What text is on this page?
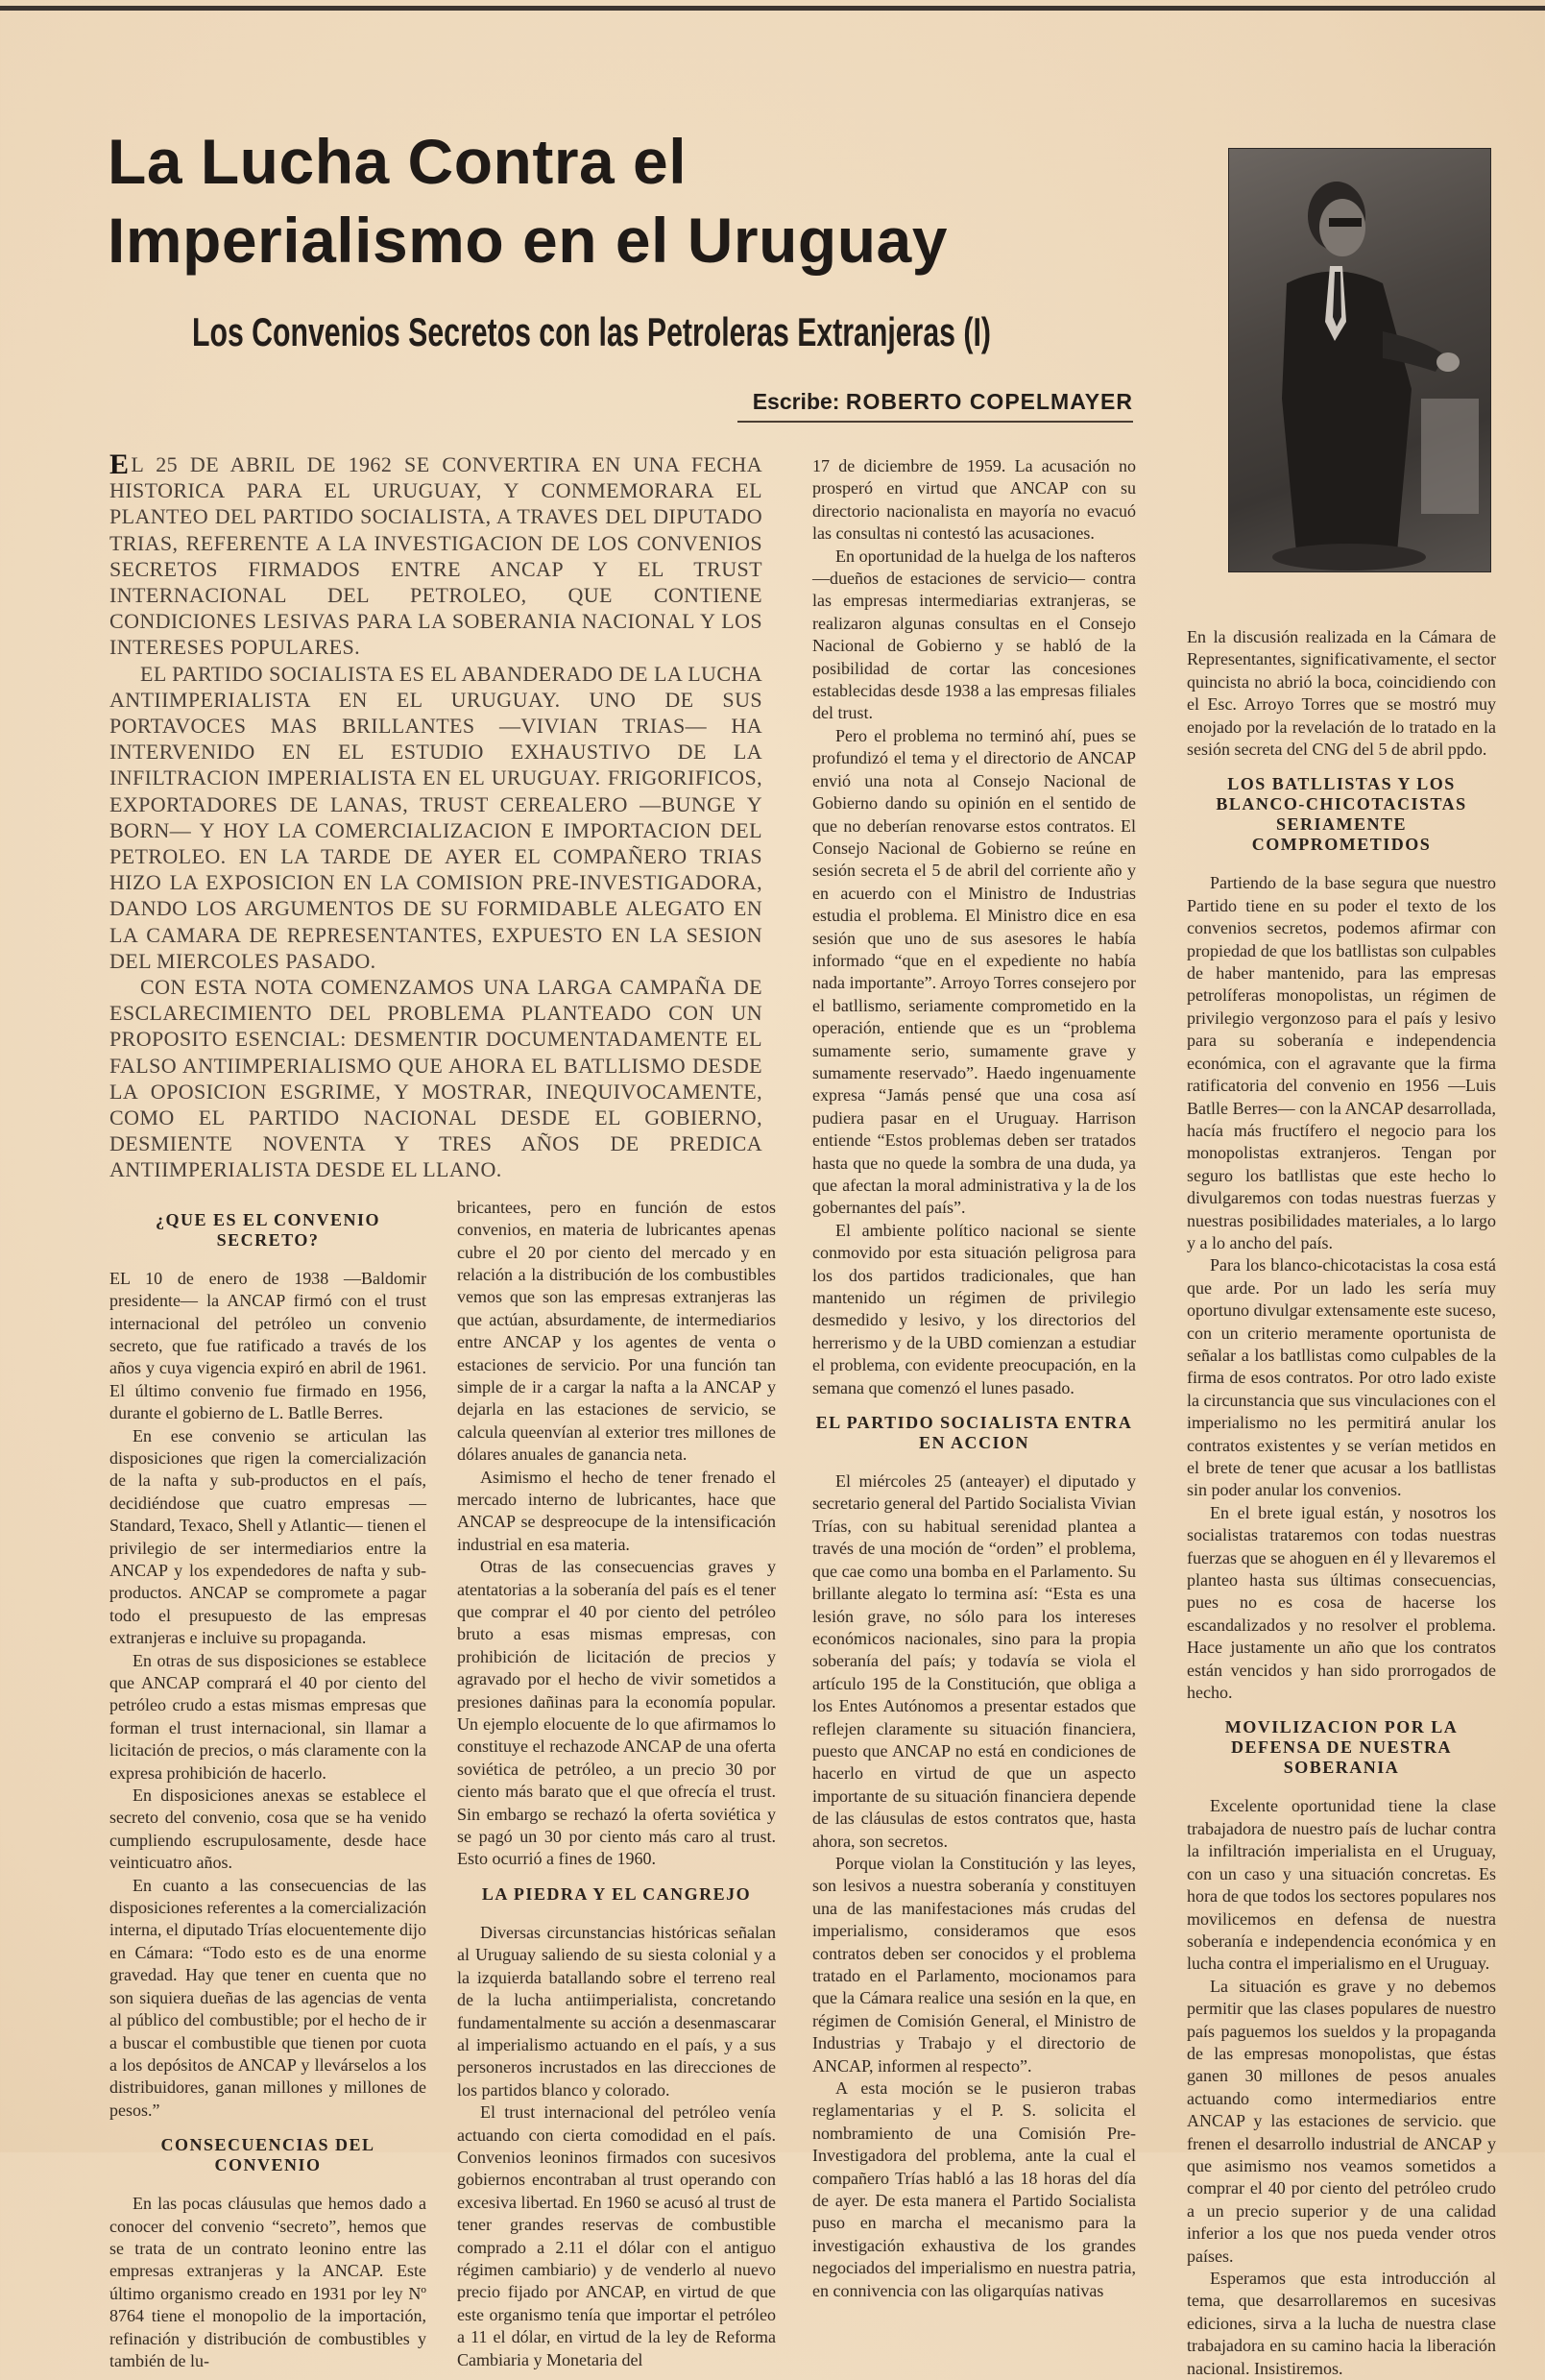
La Lucha Contra el
Imperialismo en el Uruguay
Los Convenios Secretos con las Petroleras Extranjeras (I)
Escribe: ROBERTO COPELMAYER

E L 25 DE ABRIL DE 1962 SE CONVERTIRA EN UNA FECHA HISTORICA PARA EL URUGUAY, Y CONMEMORARA EL PLANTEO DEL PARTIDO SOCIALISTA, A TRAVES DEL DIPUTADO TRIAS, REFERENTE A LA INVESTIGACION DE LOS CONVENIOS SECRETOS FIRMADOS ENTRE ANCAP Y EL TRUST INTERNACIONAL DEL PETROLEO, QUE CONTIENE CONDICIONES LESIVAS PARA LA SOBERANIA NACIONAL Y LOS INTERESES POPULARES.

EL PARTIDO SOCIALISTA ES EL ABANDERADO DE LA LUCHA ANTIIMPERIALISTA EN EL URUGUAY. UNO DE SUS PORTAVOCES MAS BRILLANTES —VIVIAN TRIAS— HA INTERVENIDO EN EL ESTUDIO EXHAUSTIVO DE LA INFILTRACION IMPERIALISTA EN EL URUGUAY. FRIGORIFICOS, EXPORTADORES DE LANAS, TRUST CEREALERO —BUNGE Y BORN— Y HOY LA COMERCIALIZACION E IMPORTACION DEL PETROLEO. EN LA TARDE DE AYER EL COMPAÑERO TRIAS HIZO LA EXPOSICION EN LA COMISION PRE-INVESTIGADORA, DANDO LOS ARGUMENTOS DE SU FORMIDABLE ALEGATO EN LA CAMARA DE REPRESENTANTES, EXPUESTO EN LA SESION DEL MIERCOLES PASADO.

CON ESTA NOTA COMENZAMOS UNA LARGA CAMPAÑA DE ESCLARECIMIENTO DEL PROBLEMA PLANTEADO CON UN PROPOSITO ESENCIAL: DESMENTIR DOCUMENTADAMENTE EL FALSO ANTIIMPERIALISMO QUE AHORA EL BATLLISMO DESDE LA OPOSICION ESGRIME, Y MOSTRAR, INEQUIVOCAMENTE, COMO EL PARTIDO NACIONAL DESDE EL GOBIERNO, DESMIENTE NOVENTA Y TRES AÑOS DE PREDICA ANTIIMPERIALISTA DESDE EL LLANO.

¿QUE ES EL CONVENIO SECRETO?

EL 10 de enero de 1938 —Baldomir presidente— la ANCAP firmó con el trust internacional del petróleo un convenio secreto, que fue ratificado a través de los años y cuya vigencia expiró en abril de 1961. El último convenio fue firmado en 1956, durante el gobierno de L. Batlle Berres.

En ese convenio se articulan las disposiciones que rigen la comercialización de la nafta y sub-productos en el país, decidiéndose que cuatro empresas —Standard, Texaco, Shell y Atlantic— tienen el privilegio de ser intermediarios entre la ANCAP y los expendedores de nafta y sub-productos. ANCAP se compromete a pagar todo el presupuesto de las empresas extranjeras e incluive su propaganda.

En otras de sus disposiciones se establece que ANCAP comprará el 40 por ciento del petróleo crudo a estas mismas empresas que forman el trust internacional, sin llamar a licitación de precios, o más claramente con la expresa prohibición de hacerlo.

En disposiciones anexas se establece el secreto del convenio, cosa que se ha venido cumpliendo escrupulosamente, desde hace veinticuatro años.

En cuanto a las consecuencias de las disposiciones referentes a la comercialización interna, el diputado Trías elocuentemente dijo en Cámara: “Todo esto es de una enorme gravedad. Hay que tener en cuenta que no son siquiera dueñas de las agencias de venta al público del combustible; por el hecho de ir a buscar el combustible que tienen por cuota a los depósitos de ANCAP y llevárselos a los distribuidores, ganan millones y millones de pesos.”

CONSECUENCIAS DEL CONVENIO

En las pocas cláusulas que hemos dado a conocer del convenio “secreto”, hemos que se trata de un contrato leonino entre las empresas extranjeras y la ANCAP. Este último organismo creado en 1931 por ley Nº 8764 tiene el monopolio de la importación, refinación y distribución de combustibles y también de lu-

bricantees, pero en función de estos convenios, en materia de lubricantes apenas cubre el 20 por ciento del mercado y en relación a la distribución de los combustibles vemos que son las empresas extranjeras las que actúan, absurdamente, de intermediarios entre ANCAP y los agentes de venta o estaciones de servicio. Por una función tan simple de ir a cargar la nafta a la ANCAP y dejarla en las estaciones de servicio, se calcula queenvían al exterior tres millones de dólares anuales de ganancia neta.

Asimismo el hecho de tener frenado el mercado interno de lubricantes, hace que ANCAP se despreocupe de la intensificación industrial en esa materia.

Otras de las consecuencias graves y atentatorias a la soberanía del país es el tener que comprar el 40 por ciento del petróleo bruto a esas mismas empresas, con prohibición de licitación de precios y agravado por el hecho de vivir sometidos a presiones dañinas para la economía popular. Un ejemplo elocuente de lo que afirmamos lo constituye el rechazode ANCAP de una oferta soviética de petróleo, a un precio 30 por ciento más barato que el que ofrecía el trust. Sin embargo se rechazó la oferta soviética y se pagó un 30 por ciento más caro al trust. Esto ocurrió a fines de 1960.

LA PIEDRA Y EL CANGREJO

Diversas circunstancias históricas señalan al Uruguay saliendo de su siesta colonial y a la izquierda batallando sobre el terreno real de la lucha antiimperialista, concretando fundamentalmente su acción a desenmascarar al imperialismo actuando en el país, y a sus personeros incrustados en las direcciones de los partidos blanco y colorado.

El trust internacional del petróleo venía actuando con cierta comodidad en el país. Convenios leoninos firmados con sucesivos gobiernos encontraban al trust operando con excesiva libertad. En 1960 se acusó al trust de tener grandes reservas de combustible comprado a 2.11 el dólar con el antiguo régimen cambiario) y de venderlo al nuevo precio fijado por ANCAP, en virtud de que este organismo tenía que importar el petróleo a 11 el dólar, en virtud de la ley de Reforma Cambiaria y Monetaria del

17 de diciembre de 1959. La acusación no prosperó en virtud que ANCAP con su directorio nacionalista en mayoría no evacuó las consultas ni contestó las acusaciones.

En oportunidad de la huelga de los nafteros —dueños de estaciones de servicio— contra las empresas intermediarias extranjeras, se realizaron algunas consultas en el Consejo Nacional de Gobierno y se habló de la posibilidad de cortar las concesiones establecidas desde 1938 a las empresas filiales del trust.

Pero el problema no terminó ahí, pues se profundizó el tema y el directorio de ANCAP envió una nota al Consejo Nacional de Gobierno dando su opinión en el sentido de que no deberían renovarse estos contratos. El Consejo Nacional de Gobierno se reúne en sesión secreta el 5 de abril del corriente año y en acuerdo con el Ministro de Industrias estudia el problema. El Ministro dice en esa sesión que uno de sus asesores le había informado “que en el expediente no había nada importante”. Arroyo Torres consejero por el batllismo, seriamente comprometido en la operación, entiende que es un “problema sumamente serio, sumamente grave y sumamente reservado”. Haedo ingenuamente expresa “Jamás pensé que una cosa así pudiera pasar en el Uruguay. Harrison entiende “Estos problemas deben ser tratados hasta que no quede la sombra de una duda, ya que afectan la moral administrativa y la de los gobernantes del país”.

El ambiente político nacional se siente conmovido por esta situación peligrosa para los dos partidos tradicionales, que han mantenido un régimen de privilegio desmedido y lesivo, y los directorios del herrerismo y de la UBD comienzan a estudiar el problema, con evidente preocupación, en la semana que comenzó el lunes pasado.

EL PARTIDO SOCIALISTA ENTRA EN ACCION

El miércoles 25 (anteayer) el diputado y secretario general del Partido Socialista Vivian Trías, con su habitual serenidad plantea a través de una moción de “orden” el problema, que cae como una bomba en el Parlamento. Su brillante alegato lo termina así: “Esta es una lesión grave, no sólo para los intereses económicos nacionales, sino para la propia soberanía del país; y todavía se viola el artículo 195 de la Constitución, que obliga a los Entes Autónomos a presentar estados que reflejen claramente su situación financiera, puesto que ANCAP no está en condiciones de hacerlo en virtud de que un aspecto importante de su situación financiera depende de las cláusulas de estos contratos que, hasta ahora, son secretos.

Porque violan la Constitución y las leyes, son lesivos a nuestra soberanía y constituyen una de las manifestaciones más crudas del imperialismo, consideramos que esos contratos deben ser conocidos y el problema tratado en el Parlamento, mocionamos para que la Cámara realice una sesión en la que, en régimen de Comisión General, el Ministro de Industrias y Trabajo y el directorio de ANCAP, informen al respecto”.

A esta moción se le pusieron trabas reglamentarias y el P. S. solicita el nombramiento de una Comisión Pre-Investigadora del problema, ante la cual el compañero Trías habló a las 18 horas del día de ayer. De esta manera el Partido Socialista puso en marcha el mecanismo para la investigación exhaustiva de los grandes negociados del imperialismo en nuestra patria, en connivencia con las oligarquías nativas

En la discusión realizada en la Cámara de Representantes, significativamente, el sector quincista no abrió la boca, coincidiendo con el Esc. Arroyo Torres que se mostró muy enojado por la revelación de lo tratado en la sesión secreta del CNG del 5 de abril ppdo.

LOS BATLLISTAS Y LOS BLANCO-CHICOTACISTAS SERIAMENTE COMPROMETIDOS

Partiendo de la base segura que nuestro Partido tiene en su poder el texto de los convenios secretos, podemos afirmar con propiedad de que los batllistas son culpables de haber mantenido, para las empresas petrolíferas monopolistas, un régimen de privilegio vergonzoso para el país y lesivo para su soberanía e independencia económica, con el agravante que la firma ratificatoria del convenio en 1956 —Luis Batlle Berres— con la ANCAP desarrollada, hacía más fructífero el negocio para los monopolistas extranjeros. Tengan por seguro los batllistas que este hecho lo divulgaremos con todas nuestras fuerzas y nuestras posibilidades materiales, a lo largo y a lo ancho del país.

Para los blanco-chicotacistas la cosa está que arde. Por un lado les sería muy oportuno divulgar extensamente este suceso, con un criterio meramente oportunista de señalar a los batllistas como culpables de la firma de esos contratos. Por otro lado existe la circunstancia que sus vinculaciones con el imperialismo no les permitirá anular los contratos existentes y se verían metidos en el brete de tener que acusar a los batllistas sin poder anular los convenios.

En el brete igual están, y nosotros los socialistas trataremos con todas nuestras fuerzas que se ahoguen en él y llevaremos el planteo hasta sus últimas consecuencias, pues no es cosa de hacerse los escandalizados y no resolver el problema. Hace justamente un año que los contratos están vencidos y han sido prorrogados de hecho.

MOVILIZACION POR LA DEFENSA DE NUESTRA SOBERANIA

Excelente oportunidad tiene la clase trabajadora de nuestro país de luchar contra la infiltración imperialista en el Uruguay, con un caso y una situación concretas. Es hora de que todos los sectores populares nos movilicemos en defensa de nuestra soberanía e independencia económica y en lucha contra el imperialismo en el Uruguay.

La situación es grave y no debemos permitir que las clases populares de nuestro país paguemos los sueldos y la propaganda de las empresas monopolistas, que éstas ganen 30 millones de pesos anuales actuando como intermediarios entre ANCAP y las estaciones de servicio. que frenen el desarrollo industrial de ANCAP y que asimismo nos veamos sometidos a comprar el 40 por ciento del petróleo crudo a un precio superior y de una calidad inferior a los que nos pueda vender otros países.

Esperamos que esta introducción al tema, que desarrollaremos en sucesivas ediciones, sirva a la lucha de nuestra clase trabajadora en su camino hacia la liberación nacional. Insistiremos.
